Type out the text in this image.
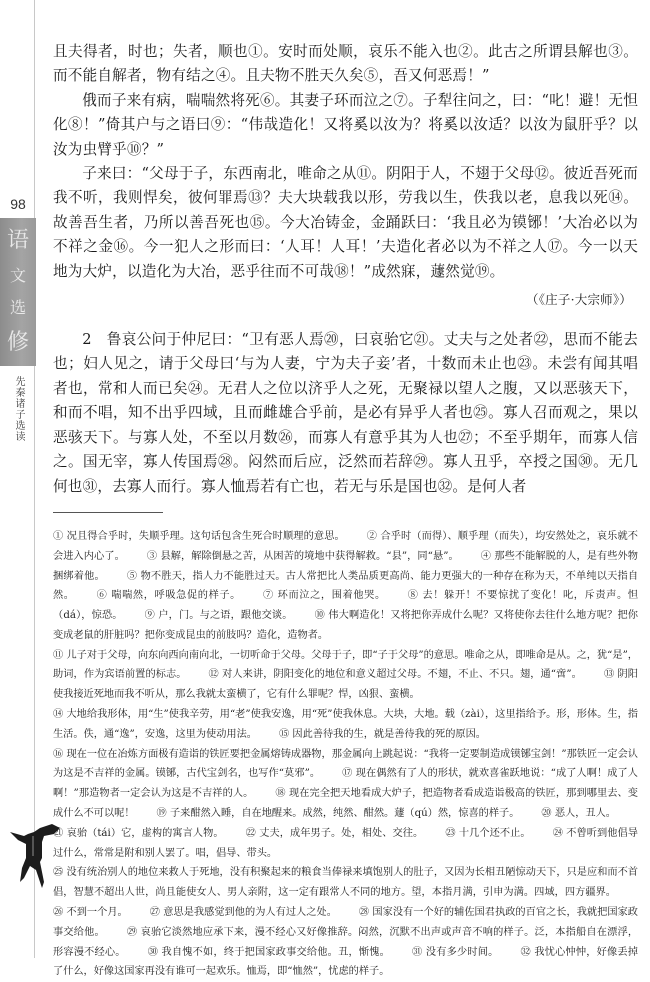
98
语
文
选
修
先秦诸子选读

且夫得者，时也；失者，顺也①。安时而处顺，哀乐不能入也②。此古之所谓县解也③。而不能自解者，物有结之④。且夫物不胜天久矣⑤，吾又何恶焉！”

俄而子来有病，喘喘然将死⑥。其妻子环而泣之⑦。子犁往问之，曰：“叱！避！无怛化⑧！”倚其户与之语曰⑨：“伟哉造化！又将奚以汝为？将奚以汝适？以汝为鼠肝乎？以汝为虫臂乎⑩？”

子来曰：“父母于子，东西南北，唯命之从⑪。阴阳于人，不翅于父母⑫。彼近吾死而我不听，我则悍矣，彼何罪焉⑬？夫大块载我以形，劳我以生，佚我以老，息我以死⑭。故善吾生者，乃所以善吾死也⑮。今大冶铸金，金踊跃曰：‘我且必为镆铘！’大冶必以为不祥之金⑯。今一犯人之形而曰：‘人耳！人耳！’夫造化者必以为不祥之人⑰。今一以天地为大炉，以造化为大冶，恶乎往而不可哉⑱！”成然寐，蘧然觉⑲。

（《庄子·大宗师》）

2　鲁哀公问于仲尼曰：“卫有恶人焉⑳，曰哀骀它㉑。丈夫与之处者㉒，思而不能去也；妇人见之，请于父母曰‘与为人妻，宁为夫子妾’者，十数而未止也㉓。未尝有闻其唱者也，常和人而已矣㉔。无君人之位以济乎人之死，无聚禄以望人之腹，又以恶骇天下，和而不唱，知不出乎四域，且而雌雄合乎前，是必有异乎人者也㉕。寡人召而观之，果以恶骇天下。与寡人处，不至以月数㉖，而寡人有意乎其为人也㉗；不至乎期年，而寡人信之。国无宰，寡人传国焉㉘。闷然而后应，泛然而若辞㉙。寡人丑乎，卒授之国㉚。无几何也㉛，去寡人而行。寡人恤焉若有亡也，若无与乐是国也㉜。是何人者

① 况且得合乎时，失顺乎理。这句话包含生死合时顺理的意思。 ② 合乎时（而得）、顺乎理（而失），均安然处之，哀乐就不会进入内心了。 ③ 县解，解除倒悬之苦，从困苦的境地中获得解救。“县”，同“悬”。 ④ 那些不能解脱的人，是有些外物捆绑着他。 ⑤ 物不胜天，指人力不能胜过天。古人常把比人类品质更高尚、能力更强大的一种存在称为天，不单纯以天指自然。 ⑥ 喘喘然，呼吸急促的样子。 ⑦ 环而泣之，围着他哭。 ⑧ 去！躲开！不要惊扰了变化！叱，斥责声。怛（dá），惊恐。 ⑨ 户，门。与之语，跟他交谈。 ⑩ 伟大啊造化！又将把你弄成什么呢？又将使你去往什么地方呢？把你变成老鼠的肝脏吗？把你变成昆虫的前肢吗？造化，造物者。

⑪ 儿子对于父母，向东向西向南向北，一切听命于父母。父母于子，即“子于父母”的意思。唯命之从，即唯命是从。之，犹“是”，助词，作为宾语前置的标志。 ⑫ 对人来讲，阴阳变化的地位和意义超过父母。不翅，不止、不只。翅，通“啻”。 ⑬ 阴阳使我接近死地而我不听从，那么我就太蛮横了，它有什么罪呢？悍，凶狠、蛮横。

⑭ 大地给我形体，用“生”使我辛劳，用“老”使我安逸，用“死”使我休息。大块，大地。载（zài），这里指给予。形，形体。生，指生活。佚，通“逸”，安逸，这里为使动用法。 ⑮ 因此善待我的生，就是善待我的死的原因。

⑯ 现在一位在冶炼方面极有造诣的铁匠要把金属熔铸成器物，那金属向上跳起说：“我将一定要制造成镆铘宝剑！”那铁匠一定会认为这是不吉祥的金属。镆铘，古代宝剑名，也写作“莫邪”。 ⑰ 现在偶然有了人的形状，就欢喜雀跃地说：“成了人啊！成了人啊！”那造物者一定会认为这是不吉祥的人。 ⑱ 现在完全把天地看成大炉子，把造物者看成造诣极高的铁匠，那到哪里去、变成什么不可以呢！ ⑲ 子来酣然入睡，自在地醒来。成然，纯然、酣然。蘧（qú）然，惊喜的样子。 ⑳ 恶人，丑人。㉑ 哀骀（tái）它，虚构的寓言人物。 ㉒ 丈夫，成年男子。处，相处、交往。 ㉓ 十几个还不止。 ㉔ 不曾听到他倡导过什么，常常是附和别人罢了。唱，倡导、带头。

㉕ 没有统治别人的地位来救人于死地，没有积聚起来的粮食当俸禄来填饱别人的肚子，又因为长相丑陋惊动天下，只是应和而不首倡，智慧不超出人世，尚且能使女人、男人亲附，这一定有跟常人不同的地方。望，本指月满，引申为满。四域，四方疆界。㉖ 不到一个月。 ㉗ 意思是我感觉到他的为人有过人之处。 ㉘ 国家没有一个好的辅佐国君执政的百官之长，我就把国家政事交给他。 ㉙ 哀骀它淡然地应承下来，漫不经心又好像推辞。闷然，沉默不出声或声音不响的样子。泛，本指船自在漂浮，形容漫不经心。 ㉚ 我自愧不如，终于把国家政事交给他。丑，惭愧。 ㉛ 没有多少时间。 ㉜ 我忧心忡忡，好像丢掉了什么，好像这国家再没有谁可一起欢乐。恤焉，即“恤然”，忧虑的样子。
